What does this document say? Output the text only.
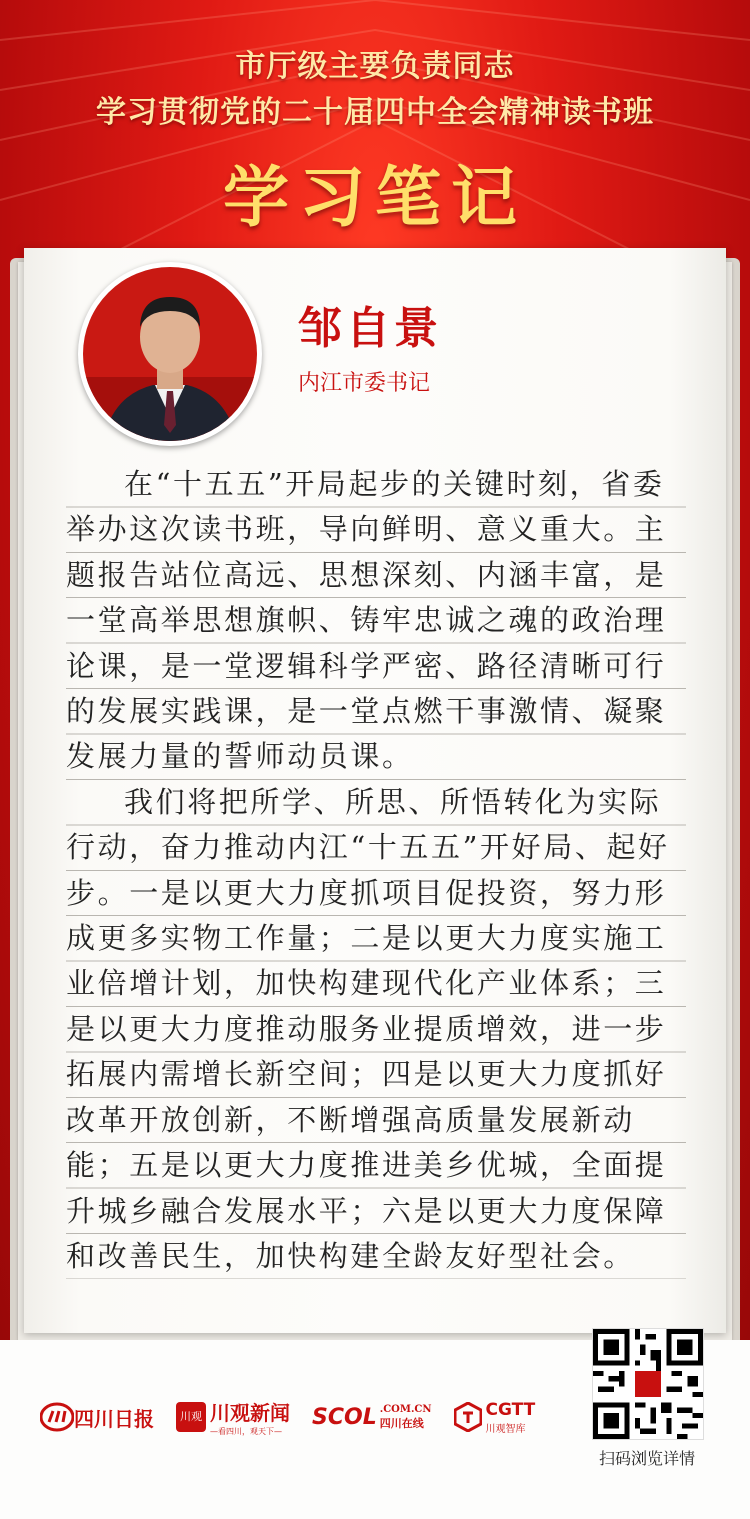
市厅级主要负责同志
学习贯彻党的二十届四中全会精神读书班
学习笔记
邹自景
内江市委书记

在“十五五”开局起步的关键时刻，省委举办这次读书班，导向鲜明、意义重大。主题报告站位高远、思想深刻、内涵丰富，是一堂高举思想旗帜、铸牢忠诚之魂的政治理论课，是一堂逻辑科学严密、路径清晰可行的发展实践课，是一堂点燃干事激情、凝聚发展力量的誓师动员课。

我们将把所学、所思、所悟转化为实际行动，奋力推动内江“十五五”开好局、起好步。一是以更大力度抓项目促投资，努力形成更多实物工作量；二是以更大力度实施工业倍增计划，加快构建现代化产业体系；三是以更大力度推动服务业提质增效，进一步拓展内需增长新空间；四是以更大力度抓好改革开放创新，不断增强高质量发展新动能；五是以更大力度推进美乡优城，全面提升城乡融合发展水平；六是以更大力度保障和改善民生，加快构建全龄友好型社会。

四川日报	川观 川观新闻
—看四川，观天下—
SCOL .COM.CN
四川在线
CGTT
川观智库
扫码浏览详情
